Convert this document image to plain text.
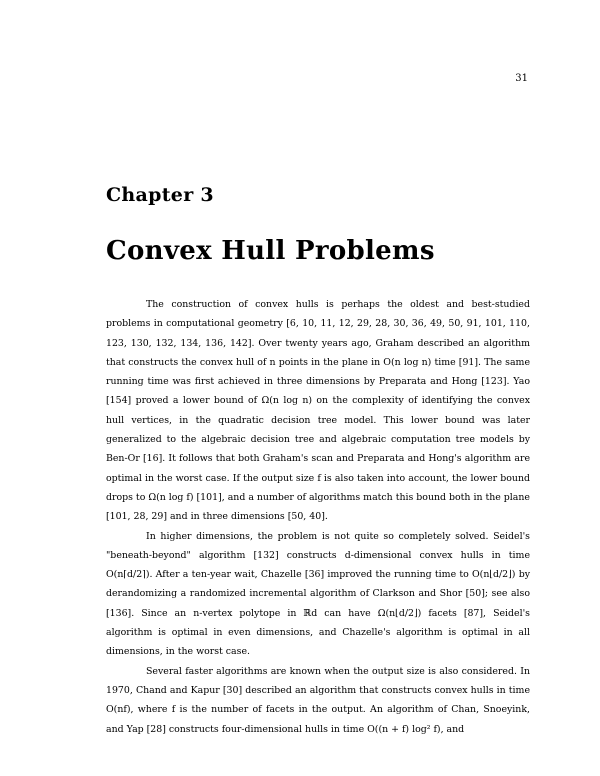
31
Chapter 3
Convex Hull Problems

The construction of convex hulls is perhaps the oldest and best-studied problems in computational geometry [6, 10, 11, 12, 29, 28, 30, 36, 49, 50, 91, 101, 110, 123, 130, 132, 134, 136, 142]. Over twenty years ago, Graham described an algorithm that constructs the convex hull of n points in the plane in O(n log n) time [91]. The same running time was first achieved in three dimensions by Preparata and Hong [123]. Yao [154] proved a lower bound of Ω(n log n) on the complexity of identifying the convex hull vertices, in the quadratic decision tree model. This lower bound was later generalized to the algebraic decision tree and algebraic computation tree models by Ben-Or [16]. It follows that both Graham's scan and Preparata and Hong's algorithm are optimal in the worst case. If the output size f is also taken into account, the lower bound drops to Ω(n log f) [101], and a number of algorithms match this bound both in the plane [101, 28, 29] and in three dimensions [50, 40].

In higher dimensions, the problem is not quite so completely solved. Seidel's "beneath-beyond" algorithm [132] constructs d-dimensional convex hulls in time O(n⌈d/2⌉). After a ten-year wait, Chazelle [36] improved the running time to O(n⌊d/2⌋) by derandomizing a randomized incremental algorithm of Clarkson and Shor [50]; see also [136]. Since an n-vertex polytope in ℝd can have Ω(n⌊d/2⌋) facets [87], Seidel's algorithm is optimal in even dimensions, and Chazelle's algorithm is optimal in all dimensions, in the worst case.

Several faster algorithms are known when the output size is also considered. In 1970, Chand and Kapur [30] described an algorithm that constructs convex hulls in time O(nf), where f is the number of facets in the output. An algorithm of Chan, Snoeyink, and Yap [28] constructs four-dimensional hulls in time O((n + f) log² f), and
